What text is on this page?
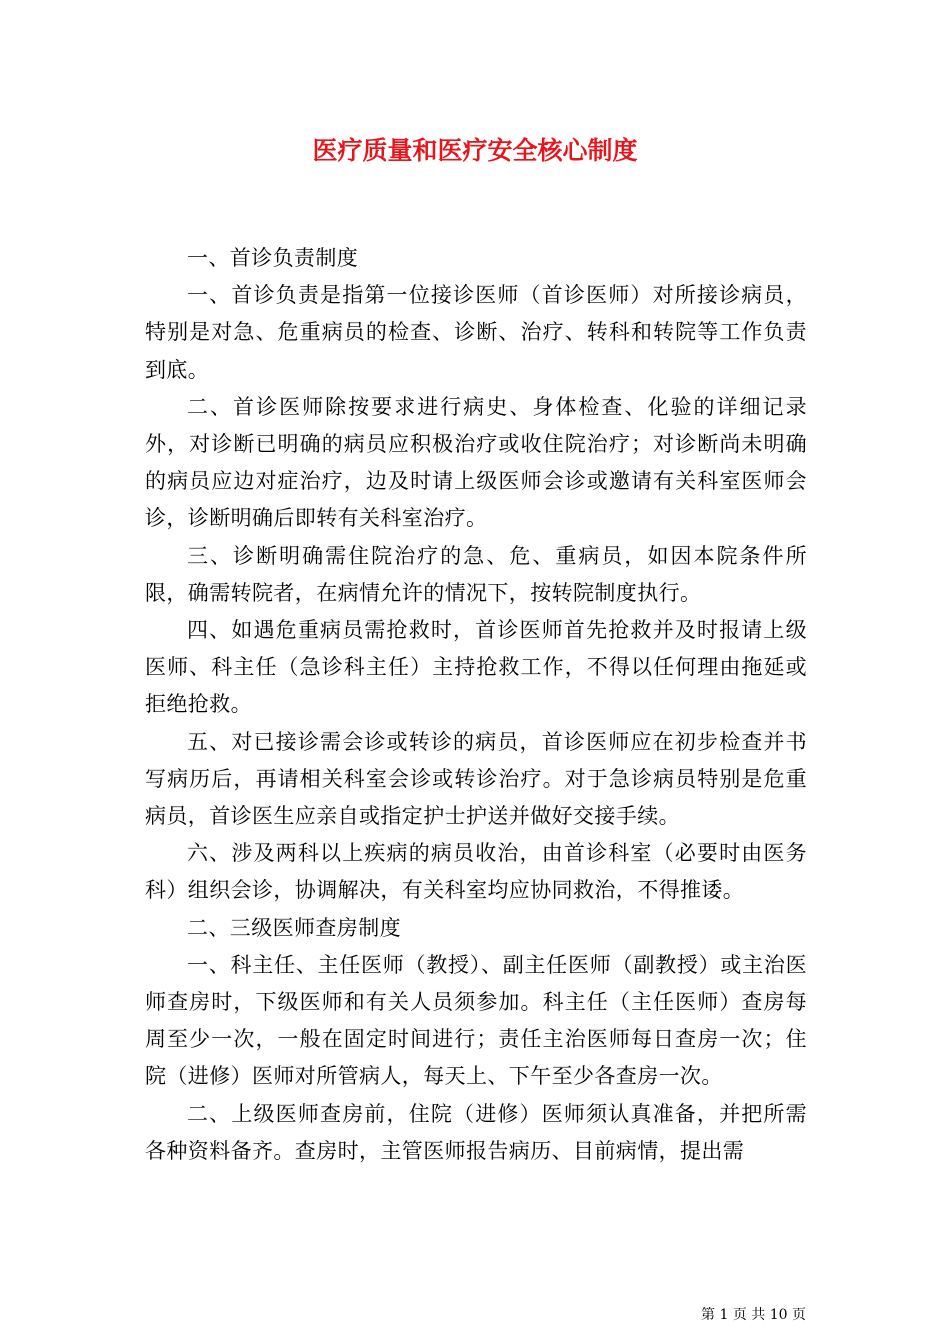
医疗质量和医疗安全核心制度

一、首诊负责制度

一、首诊负责是指第一位接诊医师（首诊医师）对所接诊病员，特别是对急、危重病员的检查、诊断、治疗、转科和转院等工作负责到底。

二、首诊医师除按要求进行病史、身体检查、化验的详细记录外，对诊断已明确的病员应积极治疗或收住院治疗；对诊断尚未明确的病员应边对症治疗，边及时请上级医师会诊或邀请有关科室医师会诊，诊断明确后即转有关科室治疗。

三、诊断明确需住院治疗的急、危、重病员，如因本院条件所限，确需转院者，在病情允许的情况下，按转院制度执行。

四、如遇危重病员需抢救时，首诊医师首先抢救并及时报请上级医师、科主任（急诊科主任）主持抢救工作，不得以任何理由拖延或拒绝抢救。

五、对已接诊需会诊或转诊的病员，首诊医师应在初步检查并书写病历后，再请相关科室会诊或转诊治疗。对于急诊病员特别是危重病员，首诊医生应亲自或指定护士护送并做好交接手续。

六、涉及两科以上疾病的病员收治，由首诊科室（必要时由医务科）组织会诊，协调解决，有关科室均应协同救治，不得推诿。

二、三级医师查房制度

一、科主任、主任医师（教授）、副主任医师（副教授）或主治医师查房时，下级医师和有关人员须参加。科主任（主任医师）查房每周至少一次，一般在固定时间进行；责任主治医师每日查房一次；住院（进修）医师对所管病人，每天上、下午至少各查房一次。

二、上级医师查房前，住院（进修）医师须认真准备，并把所需各种资料备齐。查房时，主管医师报告病历、目前病情，提出需

第 1 页 共 10 页
